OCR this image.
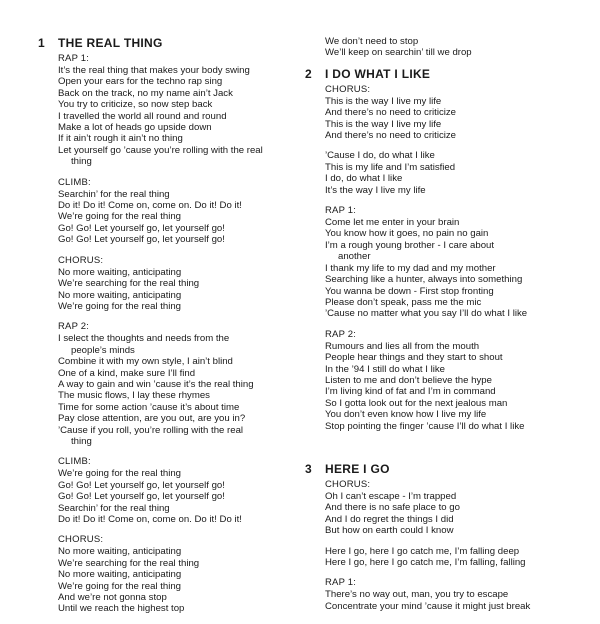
1 THE REAL THING
RAP 1:
It’s the real thing that makes your body swing
Open your ears for the techno rap sing
Back on the track, no my name ain’t Jack
You try to criticize, so now step back
I travelled the world all round and round
Make a lot of heads go upside down
If it ain’t rough it ain’t no thing
Let yourself go ’cause you’re rolling with the real
thing
CLIMB:
Searchin’ for the real thing
Do it! Do it! Come on, come on. Do it! Do it!
We’re going for the real thing
Go! Go! Let yourself go, let yourself go!
Go! Go! Let yourself go, let yourself go!
CHORUS:
No more waiting, anticipating
We’re searching for the real thing
No more waiting, anticipating
We’re going for the real thing
RAP 2:
I select the thoughts and needs from the
people’s minds
Combine it with my own style, I ain’t blind
One of a kind, make sure I’ll find
A way to gain and win ’cause it’s the real thing
The music flows, I lay these rhymes
Time for some action ’cause it’s about time
Pay close attention, are you out, are you in?
’Cause if you roll, you’re rolling with the real
thing
CLIMB:
We’re going for the real thing
Go! Go! Let yourself go, let yourself go!
Go! Go! Let yourself go, let yourself go!
Searchin’ for the real thing
Do it! Do it! Come on, come on. Do it! Do it!
CHORUS:
No more waiting, anticipating
We’re searching for the real thing
No more waiting, anticipating
We’re going for the real thing
And we’re not gonna stop
Until we reach the highest top
We don’t need to stop
We’ll keep on searchin’ till we drop
2 I DO WHAT I LIKE
CHORUS:
This is the way I live my life
And there’s no need to criticize
This is the way I live my life
And there’s no need to criticize
’Cause I do, do what I like
This is my life and I’m satisfied
I do, do what I like
It’s the way I live my life
RAP 1:
Come let me enter in your brain
You know how it goes, no pain no gain
I’m a rough young brother - I care about
another
I thank my life to my dad and my mother
Searching like a hunter, always into something
You wanna be down - First stop fronting
Please don’t speak, pass me the mic
’Cause no matter what you say I’ll do what I like
RAP 2:
Rumours and lies all from the mouth
People hear things and they start to shout
In the ’94 I still do what I like
Listen to me and don’t believe the hype
I’m living kind of fat and I’m in command
So I gotta look out for the next jealous man
You don’t even know how I live my life
Stop pointing the finger ’cause I’ll do what I like
3 HERE I GO
CHORUS:
Oh I can’t escape - I’m trapped
And there is no safe place to go
And I do regret the things I did
But how on earth could I know
Here I go, here I go catch me, I’m falling deep
Here I go, here I go catch me, I’m falling, falling
RAP 1:
There’s no way out, man, you try to escape
Concentrate your mind ’cause it might just break
